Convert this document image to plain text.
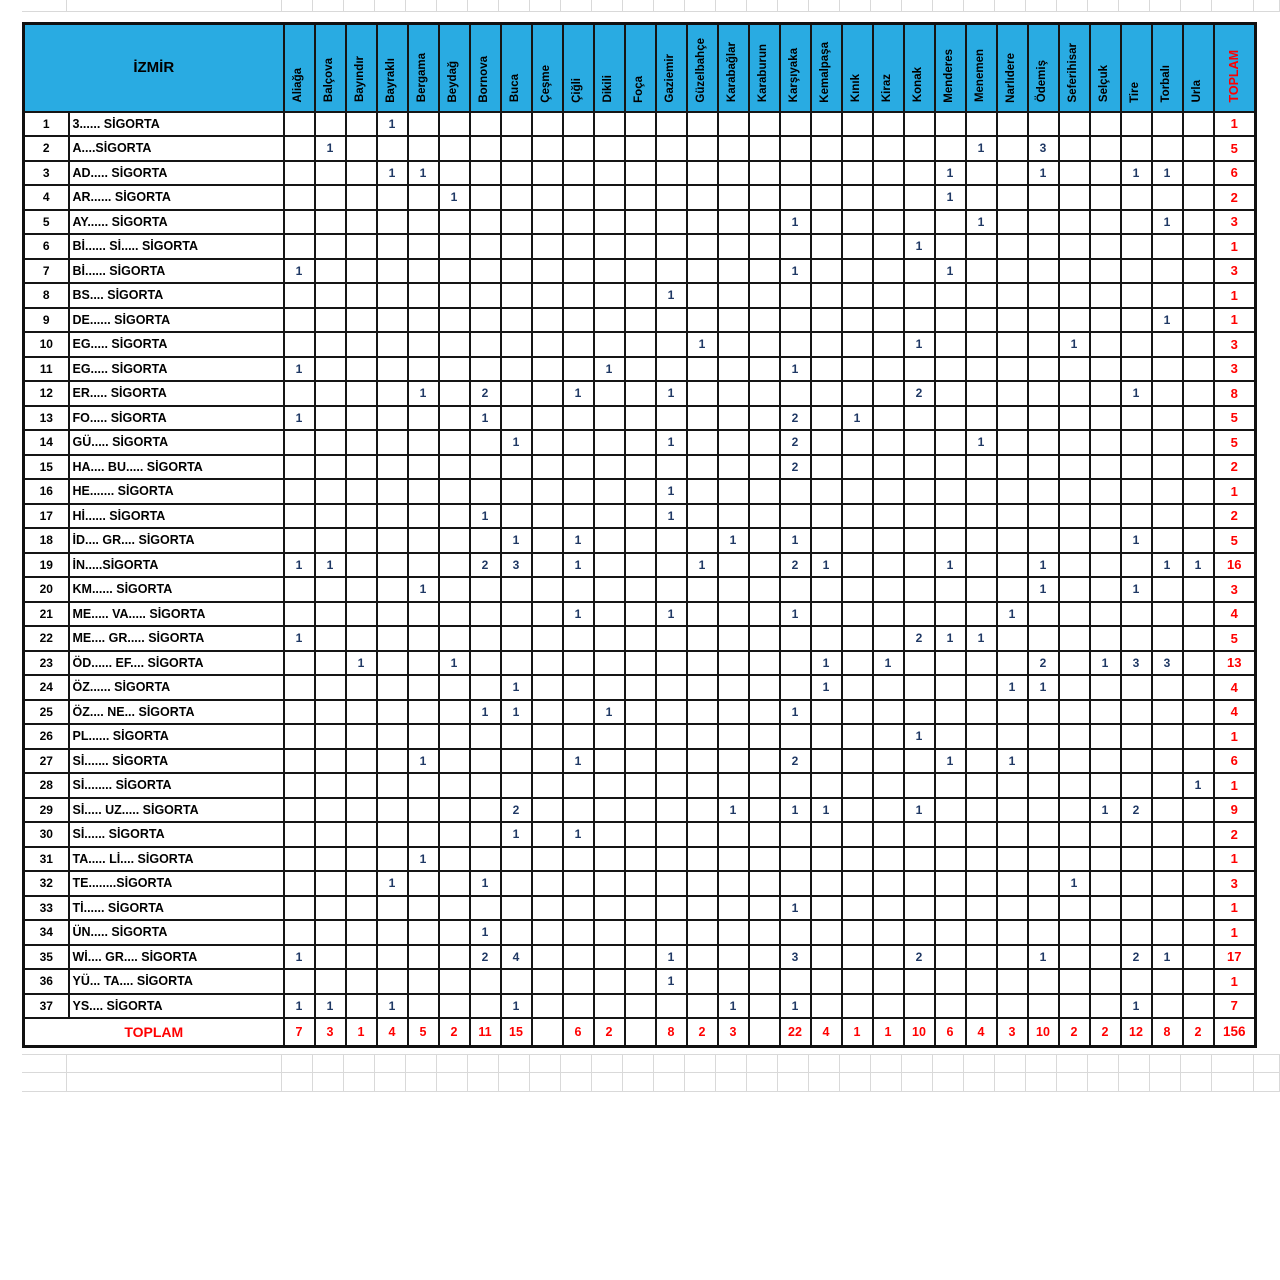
İZMİR		Aliağa	Balçova	Bayındır	Bayraklı	Bergama	Beydağ	Bornova	Buca	Çeşme	Çiğli	Dikili	Foça	Gaziemir	Güzelbahçe	Karabağlar	Karaburun	Karşıyaka	Kemalpaşa	Kınık	Kiraz	Konak	Menderes	Menemen	Narlıdere	Ödemiş	Seferihisar	Selçuk	Tire	Torbalı	Urla	TOPLAM
1	3...... SİGORTA				1																											1
2	A....SİGORTA		1																					1		3						5
3	AD..... SİGORTA				1	1																	1			1			1	1		6
4	AR...... SİGORTA						1																1									2
5	AY...... SİGORTA																	1						1						1		3
6	Bİ...... Sİ..... SİGORTA																					1										1
7	Bİ...... SİGORTA	1																1					1									3
8	BS.... SİGORTA													1																		1
9	DE...... SİGORTA																													1		1
10	EG..... SİGORTA														1							1					1					3
11	EG..... SİGORTA	1										1						1														3
12	ER..... SİGORTA					1		2			1			1								2							1			8
13	FO..... SİGORTA	1						1										2		1												5
14	GÜ..... SİGORTA								1					1				2						1								5
15	HA.... BU..... SİGORTA																	2														2
16	HE....... SİGORTA													1																		1
17	Hİ...... SİGORTA							1						1																		2
18	İD.... GR.... SİGORTA								1		1					1		1											1			5
19	İN.....SİGORTA	1	1					2	3		1				1			2	1				1			1				1	1	16
20	KM...... SİGORTA					1																				1			1			3
21	ME..... VA..... SİGORTA										1			1				1							1							4
22	ME.... GR..... SİGORTA	1																				2	1	1								5
23	ÖD...... EF.... SİGORTA			1			1												1		1					2		1	3	3		13
24	ÖZ...... SİGORTA								1										1						1	1						4
25	ÖZ.... NE... SİGORTA							1	1			1						1														4
26	PL...... SİGORTA																					1										1
27	Sİ....... SİGORTA					1					1							2					1		1							6
28	Sİ........ SİGORTA																														1	1
29	Sİ..... UZ..... SİGORTA								2							1		1	1			1						1	2			9
30	Sİ...... SİGORTA								1		1																					2
31	TA..... Lİ.... SİGORTA					1																										1
32	TE........SİGORTA				1			1																			1					3
33	Tİ...... SİGORTA																	1														1
34	ÜN..... SİGORTA							1																								1
35	Wİ.... GR.... SİGORTA	1						2	4					1				3				2				1			2	1		17
36	YÜ... TA.... SİGORTA													1																		1
37	YS.... SİGORTA	1	1		1				1							1		1											1			7
TOPLAM		7	3	1	4	5	2	11	15		6	2		8	2	3		22	4	1	1	10	6	4	3	10	2	2	12	8	2	156
